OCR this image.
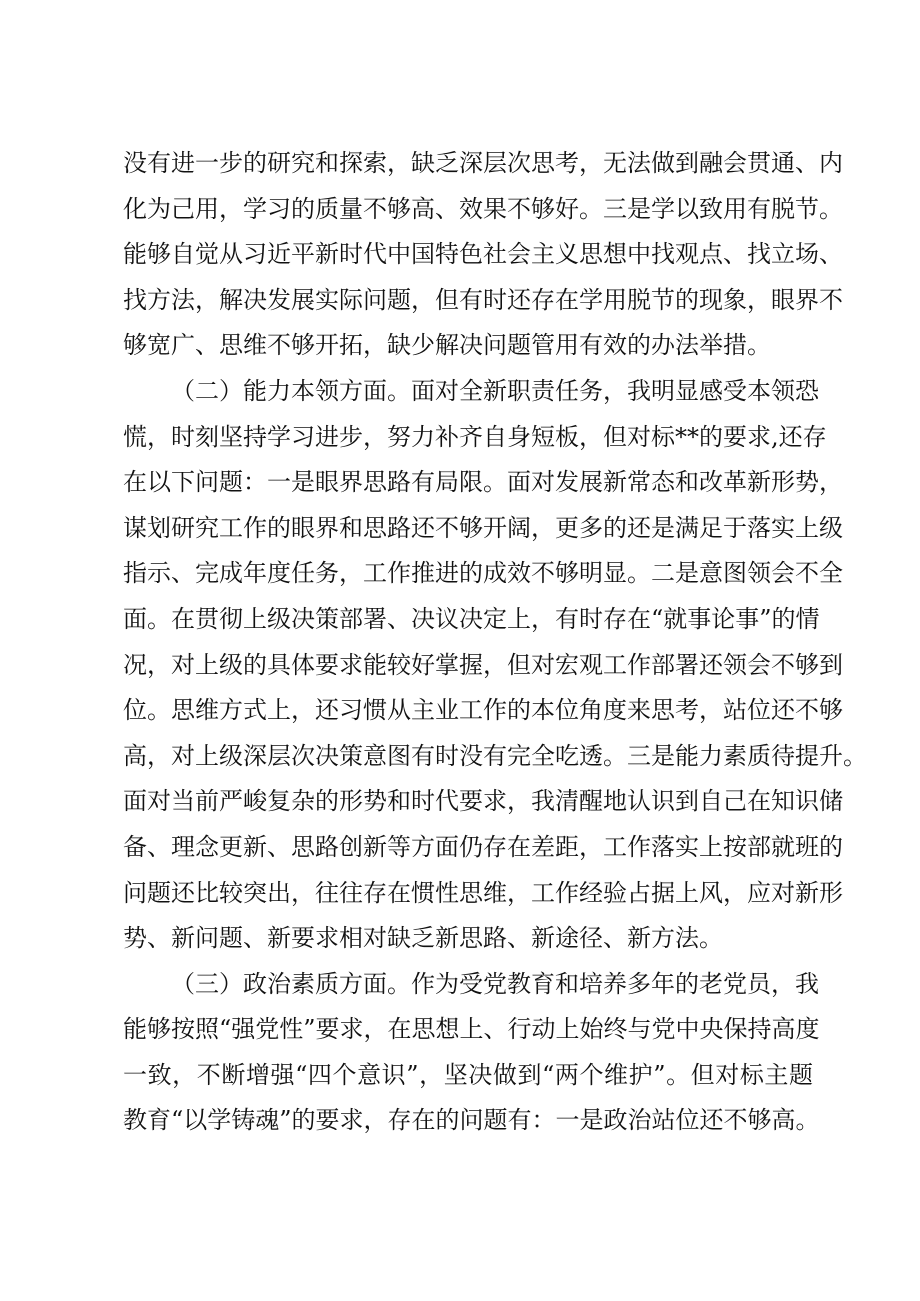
没有进一步的研究和探索，缺乏深层次思考，无法做到融会贯通、内
化为己用，学习的质量不够高、效果不够好。三是学以致用有脱节。
能够自觉从习近平新时代中国特色社会主义思想中找观点、找立场、
找方法，解决发展实际问题，但有时还存在学用脱节的现象，眼界不
够宽广、思维不够开拓，缺少解决问题管用有效的办法举措。
（二）能力本领方面。面对全新职责任务，我明显感受本领恐
慌，时刻坚持学习进步，努力补齐自身短板，但对标**的要求,还存
在以下问题：一是眼界思路有局限。面对发展新常态和改革新形势，
谋划研究工作的眼界和思路还不够开阔，更多的还是满足于落实上级
指示、完成年度任务，工作推进的成效不够明显。二是意图领会不全
面。在贯彻上级决策部署、决议决定上，有时存在“就事论事”的情
况，对上级的具体要求能较好掌握，但对宏观工作部署还领会不够到
位。思维方式上，还习惯从主业工作的本位角度来思考，站位还不够
高，对上级深层次决策意图有时没有完全吃透。三是能力素质待提升。
面对当前严峻复杂的形势和时代要求，我清醒地认识到自己在知识储
备、理念更新、思路创新等方面仍存在差距，工作落实上按部就班的
问题还比较突出，往往存在惯性思维，工作经验占据上风，应对新形
势、新问题、新要求相对缺乏新思路、新途径、新方法。
（三）政治素质方面。作为受党教育和培养多年的老党员，我
能够按照“强党性”要求，在思想上、行动上始终与党中央保持高度
一致，不断增强“四个意识”，坚决做到“两个维护”。但对标主题
教育“以学铸魂”的要求，存在的问题有：一是政治站位还不够高。
